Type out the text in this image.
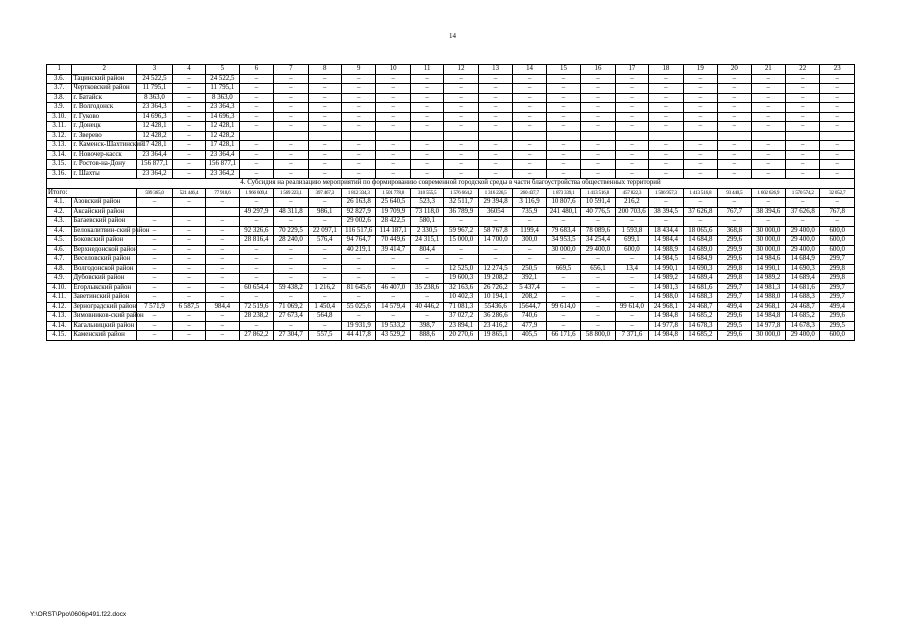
14
1	2	3	4	5	6	7	8	9	10	11	12	13	14	15	16	17	18	19	20	21	22	23
3.6.	Тацинский район	24 522,5	–	24 522,5	–	–	–	–	–	–	–	–	–	–	–	–	–	–	–	–	–	–
3.7.	Чертковский район	11 795,1	–	11 795,1	–	–	–	–	–	–	–	–	–	–	–	–	–	–	–	–	–	–
3.8.	г. Батайск	8 363,0	–	8 363,0	–	–	–	–	–	–	–	–	–	–	–	–	–	–	–	–	–	–
3.9.	г. Волгодонск	23 364,3	–	23 364,3	–	–	–	–	–	–	–	–	–	–	–	–	–	–	–	–	–	–
3.10.	г. Гуково	14 696,3	–	14 696,3	–	–	–	–	–	–	–	–	–	–	–	–	–	–	–	–	–	–
3.11.	г. Донецк	12 428,1	–	12 428,1	–	–	–	–	–	–	–	–	–	–	–	–	–	–	–	–	–	–
3.12.	г. Зверево	12 428,2	–	12 428,2																		
3.13.	г. Каменск-Шахтинский	17 428,1	–	17 428,1	–	–	–	–	–	–	–	–	–	–	–	–	–	–	–	–	–	–
3.14.	г. Новочер-касск	23 364,4	–	23 364,4	–	–	–	–	–	–	–	–	–	–	–	–	–	–	–	–	–	–
3.15.	г. Ростов-на-Дону	156 877,1	–	156 877,1	–	–	–	–	–	–	–	–	–	–	–	–	–	–	–	–	–	–
3.16.	г. Шахты	23 364,2	–	23 364,2	–	–	–	–	–	–	–	–	–	–	–	–	–	–	–	–	–	–
4. Субсидия на реализацию мероприятий по формированию современной городской среды в части благоустройства общественных территорий																						
Итого:		599 365,0	521 446,4	77 918,6	1 966 609,4	1 569 223,1	397 467,3	1 812 334,3	1 501 778,8	310 555,5	1 576 664,2	1 316 226,5	260 437,7	1 873 339,1	1 413 516,8	457 822,3	1 506 957,3	1 413 516,8	93 440,5	1 602 626,9	1 570 574,2	32 052,7
4.1.	Азовский район	–	–	–	–	–	–	26 163,8	25 640,5	523,3	32 511,7	29 394,8	3 116,9	10 807,6	10 591,4	216,2	–	–	–	–	–	–
4.2.	Аксайский район				49 297,9	48 311,8	986,1	92 827,9	19 709,9	73 118,0	36 789,9	36054	735,9	241 480,1	40 776,5	200 703,6	38 394,5	37 626,8	767,7	38 394,6	37 626,8	767,8
4.3.	Багаевский район	–	–	–	–	–	–	29 002,6	28 422,5	580,1	–	–	–	–	–	–	–	–	–	–	–	–
4.4.	Белокалитвин-ский район	–	–	–	92 326,6	70 229,5	22 097,1	116 517,6	114 187,1	2 330,5	59 967,2	58 767,8	1199,4	79 683,4	78 089,6	1 593,8	18 434,4	18 065,6	368,8	30 000,0	29 400,0	600,0
4.5.	Боковский район	–	–	–	28 816,4	28 240,0	576,4	94 764,7	70 449,6	24 315,1	15 000,0	14 700,0	300,0	34 953,5	34 254,4	699,1	14 984,4	14 684,8	299,6	30 000,0	29 400,0	600,0
4.6.	Верхнедонской район	–	–	–	–	–	–	40 219,1	39 414,7	804,4	–	–	–	30 000,0	29 400,0	600,0	14 988,9	14 689,0	299,9	30 000,0	29 400,0	600,0
4.7.	Веселовский район	–	–	–	–	–	–	–	–	–	–	–	–	–	–	–	14 984,5	14 684,9	299,6	14 984,6	14 684,9	299,7
4.8.	Волгодонской район	–	–	–	–	–	–	–	–	–	12 525,0	12 274,5	250,5	669,5	656,1	13,4	14 990,1	14 690,3	299,8	14 990,1	14 690,3	299,8
4.9.	Дубовский район	–	–	–	–	–	–	–	–	–	19 600,3	19 208,2	392,1	–	–	–	14 989,2	14 689,4	299,8	14 989,2	14 689,4	299,8
4.10.	Егорлыкский район	–	–	–	60 654,4	59 438,2	1 216,2	81 645,6	46 407,0	35 238,6	32 163,6	26 726,2	5 437,4	–	–	–	14 981,3	14 681,6	299,7	14 981,3	14 681,6	299,7
4.11.	Заветинский район	–	–	–	–	–	–	–	–	–	10 402,3	10 194,1	208,2	–	–	–	14 988,0	14 688,3	299,7	14 988,0	14 688,3	299,7
4.12.	Зерноградский район	7 571,9	6 587,5	984,4	72 519,6	71 069,2	1 450,4	55 025,6	14 579,4	40 446,2	71 081,3	55436,6	15644,7	99 614,0	–	99 614,0	24 968,1	24 468,7	499,4	24 968,1	24 468,7	499,4
4.13.	Зимовников-ский район	–	–	–	28 238,2	27 673,4	564,8	–	–	–	37 027,2	36 286,6	740,6	–	–	–	14 984,8	14 685,2	299,6	14 984,8	14 685,2	299,6
4.14.	Кагальницкий район	–	–	–	–	–	–	19 931,9	19 533,2	398,7	23 894,1	23 416,2	477,9	–	–	–	14 977,8	14 678,3	299,5	14 977,8	14 678,3	299,5
4.15.	Каменский район	–	–	–	27 862,2	27 304,7	557,5	44 417,8	43 529,2	888,6	20 270,6	19 865,1	405,5	66 171,6	58 800,0	7 371,6	14 984,8	14 685,2	299,6	30 000,0	29 400,0	600,0
Y:\ORST\Ppo\0606p491.f22.docx
